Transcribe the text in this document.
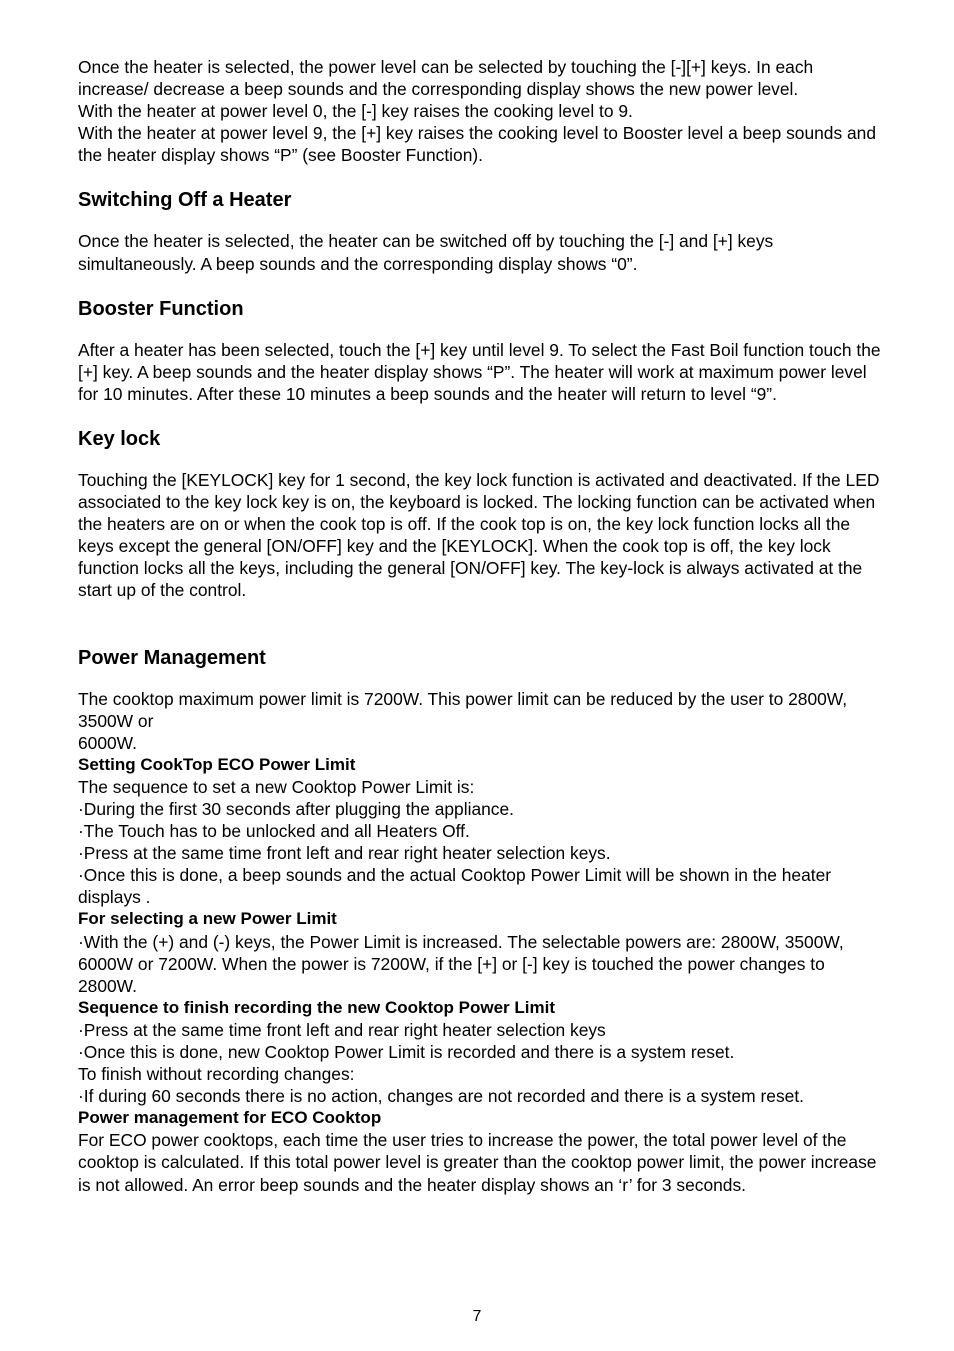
Once the heater is selected, the power level can be selected by touching the [-][+] keys. In each increase/ decrease a beep sounds and the corresponding display shows the new power level.

With the heater at power level 0, the [-] key raises the cooking level to 9.

With the heater at power level 9, the [+] key raises the cooking level to Booster level a beep sounds and the heater display shows “P” (see Booster Function).

Switching Off a Heater

Once the heater is selected, the heater can be switched off by touching the [-] and [+] keys simultaneously. A beep sounds and the corresponding display shows “0”.

Booster Function

After a heater has been selected, touch the [+] key until level 9. To select the Fast Boil function touch the [+] key. A beep sounds and the heater display shows “P”. The heater will work at maximum power level for 10 minutes. After these 10 minutes a beep sounds and the heater will return to level “9”.

Key lock

Touching the [KEYLOCK] key for 1 second, the key lock function is activated and deactivated. If the LED associated to the key lock key is on, the keyboard is locked. The locking function can be activated when the heaters are on or when the cook top is off. If the cook top is on, the key lock function locks all the keys except the general [ON/OFF] key and the [KEYLOCK]. When the cook top is off, the key lock function locks all the keys, including the general [ON/OFF] key. The key-lock is always activated at the start up of the control.

Power Management

The cooktop maximum power limit is 7200W. This power limit can be reduced by the user to 2800W, 3500W or

6000W.

Setting CookTop ECO Power Limit

The sequence to set a new Cooktop Power Limit is:

·During the first 30 seconds after plugging the appliance.

·The Touch has to be unlocked and all Heaters Off.

·Press at the same time front left and rear right heater selection keys.

·Once this is done, a beep sounds and the actual Cooktop Power Limit will be shown in the heater displays .

For selecting a new Power Limit

·With the (+) and (-) keys, the Power Limit is increased. The selectable powers are: 2800W, 3500W, 6000W or 7200W. When the power is 7200W, if the [+] or [-] key is touched the power changes to 2800W.

Sequence to finish recording the new Cooktop Power Limit

·Press at the same time front left and rear right heater selection keys

·Once this is done, new Cooktop Power Limit is recorded and there is a system reset.

To finish without recording changes:

·If during 60 seconds there is no action, changes are not recorded and there is a system reset.

Power management for ECO Cooktop

For ECO power cooktops, each time the user tries to increase the power, the total power level of the cooktop is calculated. If this total power level is greater than the cooktop power limit, the power increase is not allowed. An error beep sounds and the heater display shows an ‘r’ for 3 seconds.

7
